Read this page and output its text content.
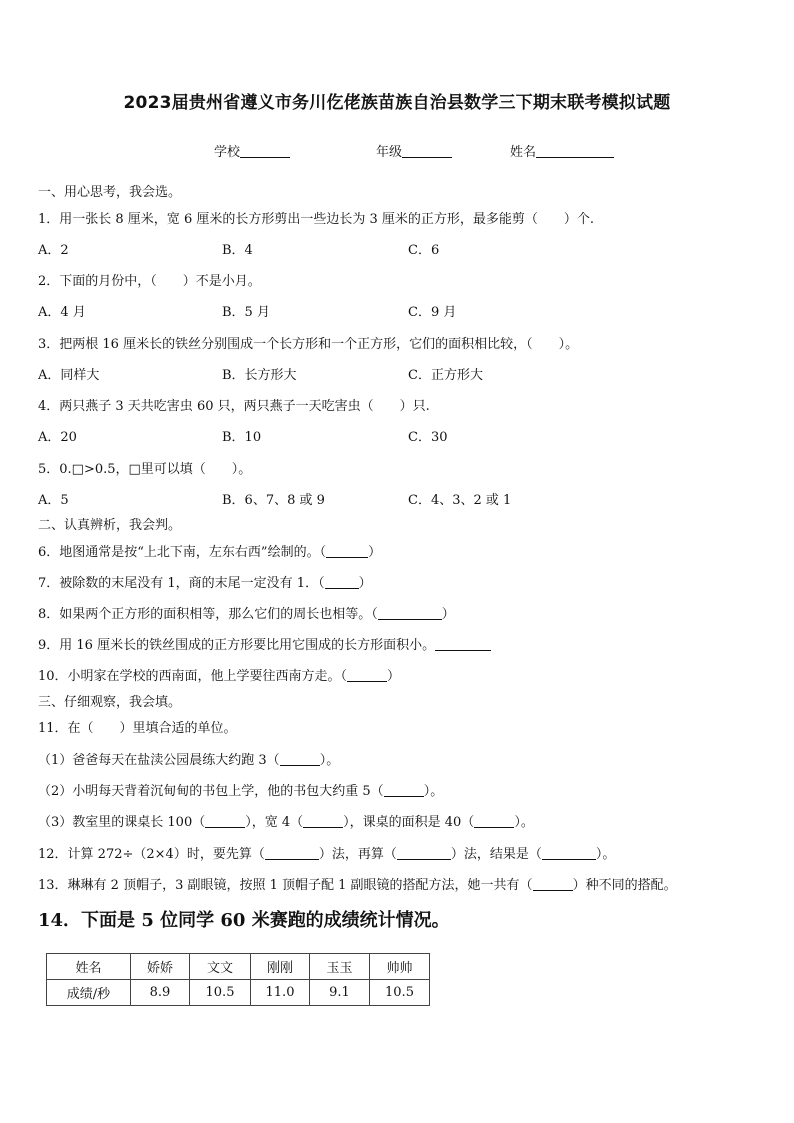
2023届贵州省遵义市务川仡佬族苗族自治县数学三下期末联考模拟试题
学校	年级	姓名
一、用心思考，我会选。
1．用一张长 8 厘米，宽 6 厘米的长方形剪出一些边长为 3 厘米的正方形，最多能剪（　　）个.
A．2	B．4	C．6
2．下面的月份中，（　　）不是小月。
A．4 月	B．5 月	C．9 月
3．把两根 16 厘米长的铁丝分别围成一个长方形和一个正方形，它们的面积相比较，（　　）。
A．同样大	B．长方形大	C．正方形大
4．两只燕子 3 天共吃害虫 60 只，两只燕子一天吃害虫（　　）只.
A．20	B．10	C．30
5．0.□>0.5，□里可以填（　　）。
A．5	B．6、7、8 或 9	C．4、3、2 或 1
二、认真辨析，我会判。
6．地图通常是按“上北下南，左东右西”绘制的。（	）
7．被除数的末尾没有 1，商的末尾一定没有 1．（	）
8．如果两个正方形的面积相等，那么它们的周长也相等。（	）
9．用 16 厘米长的铁丝围成的正方形要比用它围成的长方形面积小。
10．小明家在学校的西南面，他上学要往西南方走。（	）
三、仔细观察，我会填。
11．在（　　）里填合适的单位。
（1）爸爸每天在盐渎公园晨练大约跑 3（	）。
（2）小明每天背着沉甸甸的书包上学，他的书包大约重 5（	）。
（3）教室里的课桌长 100（	），宽 4（	），课桌的面积是 40（	）。
12．计算 272÷（2×4）时，要先算（	）法，再算（	）法，结果是（	）。
13．琳琳有 2 顶帽子，3 副眼镜，按照 1 顶帽子配 1 副眼镜的搭配方法，她一共有（	）种不同的搭配。
14．下面是 5 位同学 60 米赛跑的成绩统计情况。
姓名	娇娇	文文	刚刚	玉玉	帅帅
成绩/秒	8.9	10.5	11.0	9.1	10.5
